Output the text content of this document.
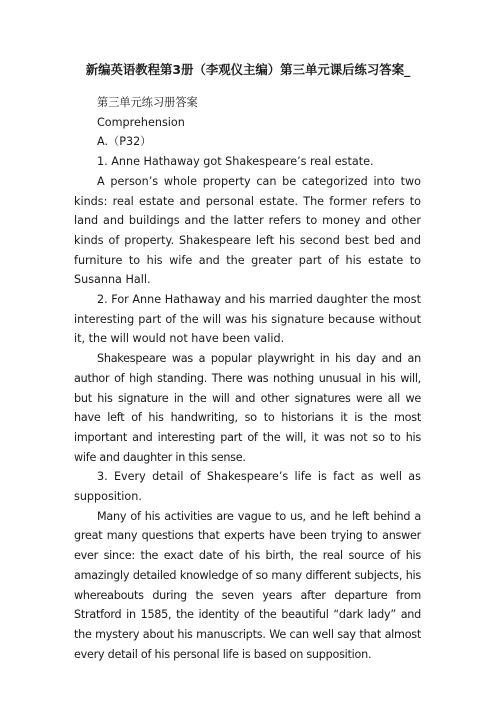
新编英语教程第3册（李观仪主编）第三单元课后练习答案_

第三单元练习册答案

Comprehension

A.（P32）

1. Anne Hathaway got Shakespeare’s real estate.

A person’s whole property can be categorized into two kinds: real estate and personal estate. The former refers to land and buildings and the latter refers to money and other kinds of property. Shakespeare left his second best bed and furniture to his wife and the greater part of his estate to Susanna Hall.

2. For Anne Hathaway and his married daughter the most interesting part of the will was his signature because without it, the will would not have been valid.

Shakespeare was a popular playwright in his day and an author of high standing. There was nothing unusual in his will, but his signature in the will and other signatures were all we have left of his handwriting, so to historians it is the most important and interesting part of the will, it was not so to his wife and daughter in this sense.

3. Every detail of Shakespeare’s life is fact as well as supposition.

Many of his activities are vague to us, and he left behind a great many questions that experts have been trying to answer ever since: the exact date of his birth, the real source of his amazingly detailed knowledge of so many different subjects, his whereabouts during the seven years after departure from Stratford in 1585, the identity of the beautiful “dark lady” and the mystery about his manuscripts. We can well say that almost every detail of his personal life is based on supposition.
